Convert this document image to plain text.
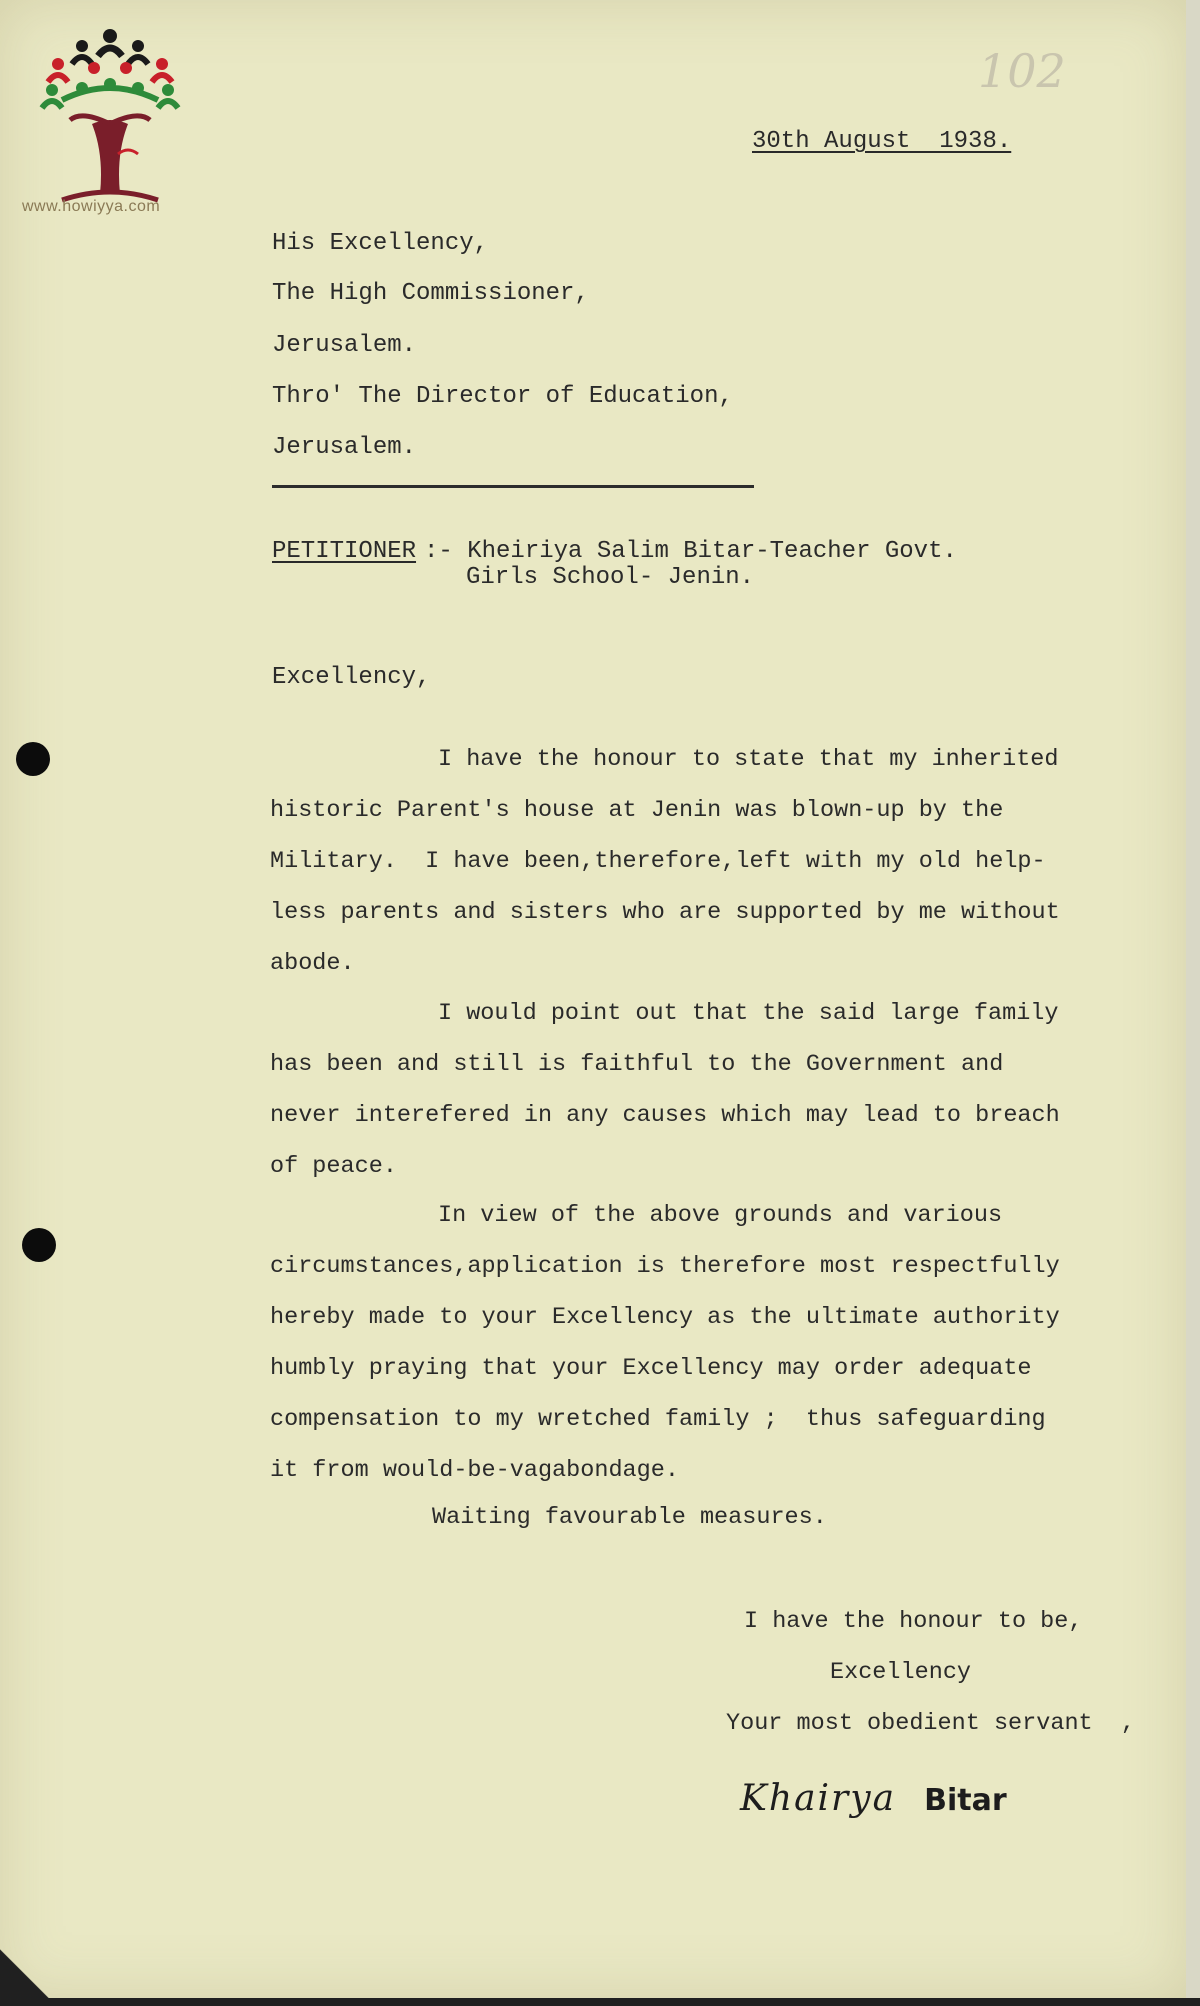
www.howiyya.com
102
30th August  1938.
His Excellency,
The High Commissioner,
Jerusalem.
Thro' The Director of Education,
Jerusalem.
PETITIONER :- Kheiriya Salim Bitar-Teacher Govt.
Girls School- Jenin.
Excellency,
I have the honour to state that my inherited
historic Parent's house at Jenin was blown-up by the
Military.  I have been,therefore,left with my old help-
less parents and sisters who are supported by me without
abode.
I would point out that the said large family
has been and still is faithful to the Government and
never interefered in any causes which may lead to breach
of peace.
In view of the above grounds and various
circumstances,application is therefore most respectfully
hereby made to your Excellency as the ultimate authority
humbly praying that your Excellency may order adequate
compensation to my wretched family ;  thus safeguarding
it from would-be-vagabondage.
Waiting favourable measures.
I have the honour to be,
Excellency
Your most obedient servant  ,
Khairya Bitar
